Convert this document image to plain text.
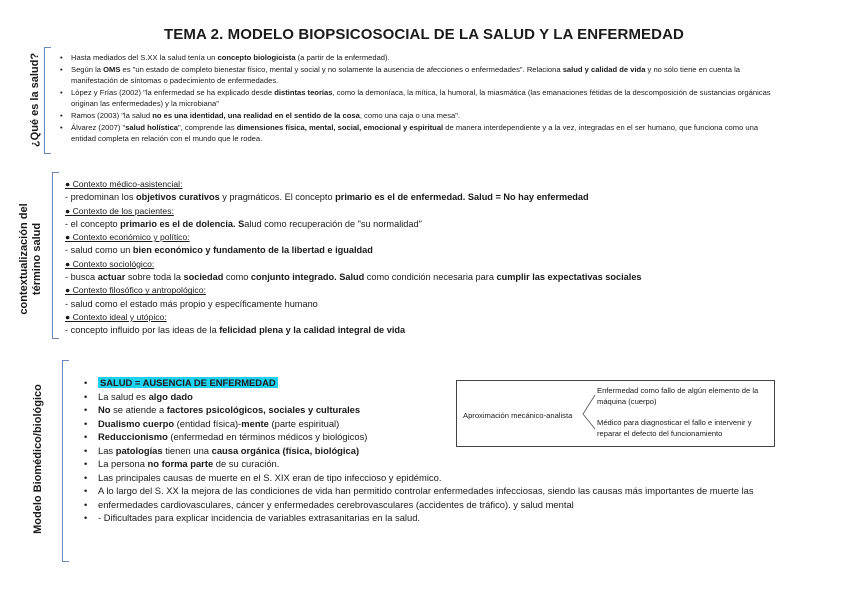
TEMA 2. MODELO BIOPSICOSOCIAL DE LA SALUD Y LA ENFERMEDAD
¿Qué es la salud?
•	Hasta mediados del S.XX la salud tenía un concepto biologicista (a partir de la enfermedad).
• Según la OMS es "un estado de completo bienestar físico, mental y social y no solamente la ausencia de afecciones o enfermedades". Relaciona salud y calidad de vida y no sólo tiene en cuenta la manifestación de síntomas o padecimiento de enfermedades.
• López y Frías (2002) "la enfermedad se ha explicado desde distintas teorías, como la demoníaca, la mítica, la humoral, la miasmática (las emanaciones fétidas de la descomposición de sustancias orgánicas originan las enfermedades) y la microbiana"
• Ramos (2003) "la salud no es una identidad, una realidad en el sentido de la cosa, como una caja o una mesa".
• Álvarez (2007) "salud holística", comprende las dimensiones física, mental, social, emocional y espiritual de manera interdependiente y a la vez, integradas en el ser humano, que funciona como una entidad completa en relación con el mundo que le rodea.
contextualización del término salud
● Contexto médico-asistencial:
- predominan los objetivos curativos y pragmáticos. El concepto primario es el de enfermedad. Salud = No hay enfermedad
● Contexto de los pacientes:
- el concepto primario es el de dolencia. Salud como recuperación de "su normalidad"
● Contexto económico y político:
- salud como un bien económico y fundamento de la libertad e igualdad
● Contexto sociológico:
- busca actuar sobre toda la sociedad como conjunto integrado. Salud como condición necesaria para cumplir las expectativas sociales
● Contexto filosófico y antropológico:
- salud como el estado más propio y específicamente humano
● Contexto ideal y utópico:
- concepto influido por las ideas de la felicidad plena y la calidad integral de vida
Modelo Biomédico/biológico
• SALUD = AUSENCIA DE ENFERMEDAD
• La salud es algo dado
• No se atiende a factores psicológicos, sociales y culturales
• Dualismo cuerpo (entidad física)-mente (parte espiritual)
• Reduccionismo (enfermedad en términos médicos y biológicos)
• Las patologías tienen una causa orgánica (física, biológica)
• La persona no forma parte de su curación.
• Las principales causas de muerte en el S. XIX eran de tipo infeccioso y epidémico.
• A lo largo del S. XX la mejora de las condiciones de vida han permitido controlar enfermedades infecciosas, siendo las causas más importantes de muerte las
• enfermedades cardiovasculares, cáncer y enfermedades cerebrovasculares (accidentes de tráfico). y salud mental
• - Dificultades para explicar incidencia de variables extrasanitarias en la salud.
Aproximación mecánico-analista
Enfermedad como fallo de algún elemento de la máquina (cuerpo)
Médico para diagnosticar el fallo e intervenir y reparar el defecto del funcionamiento
